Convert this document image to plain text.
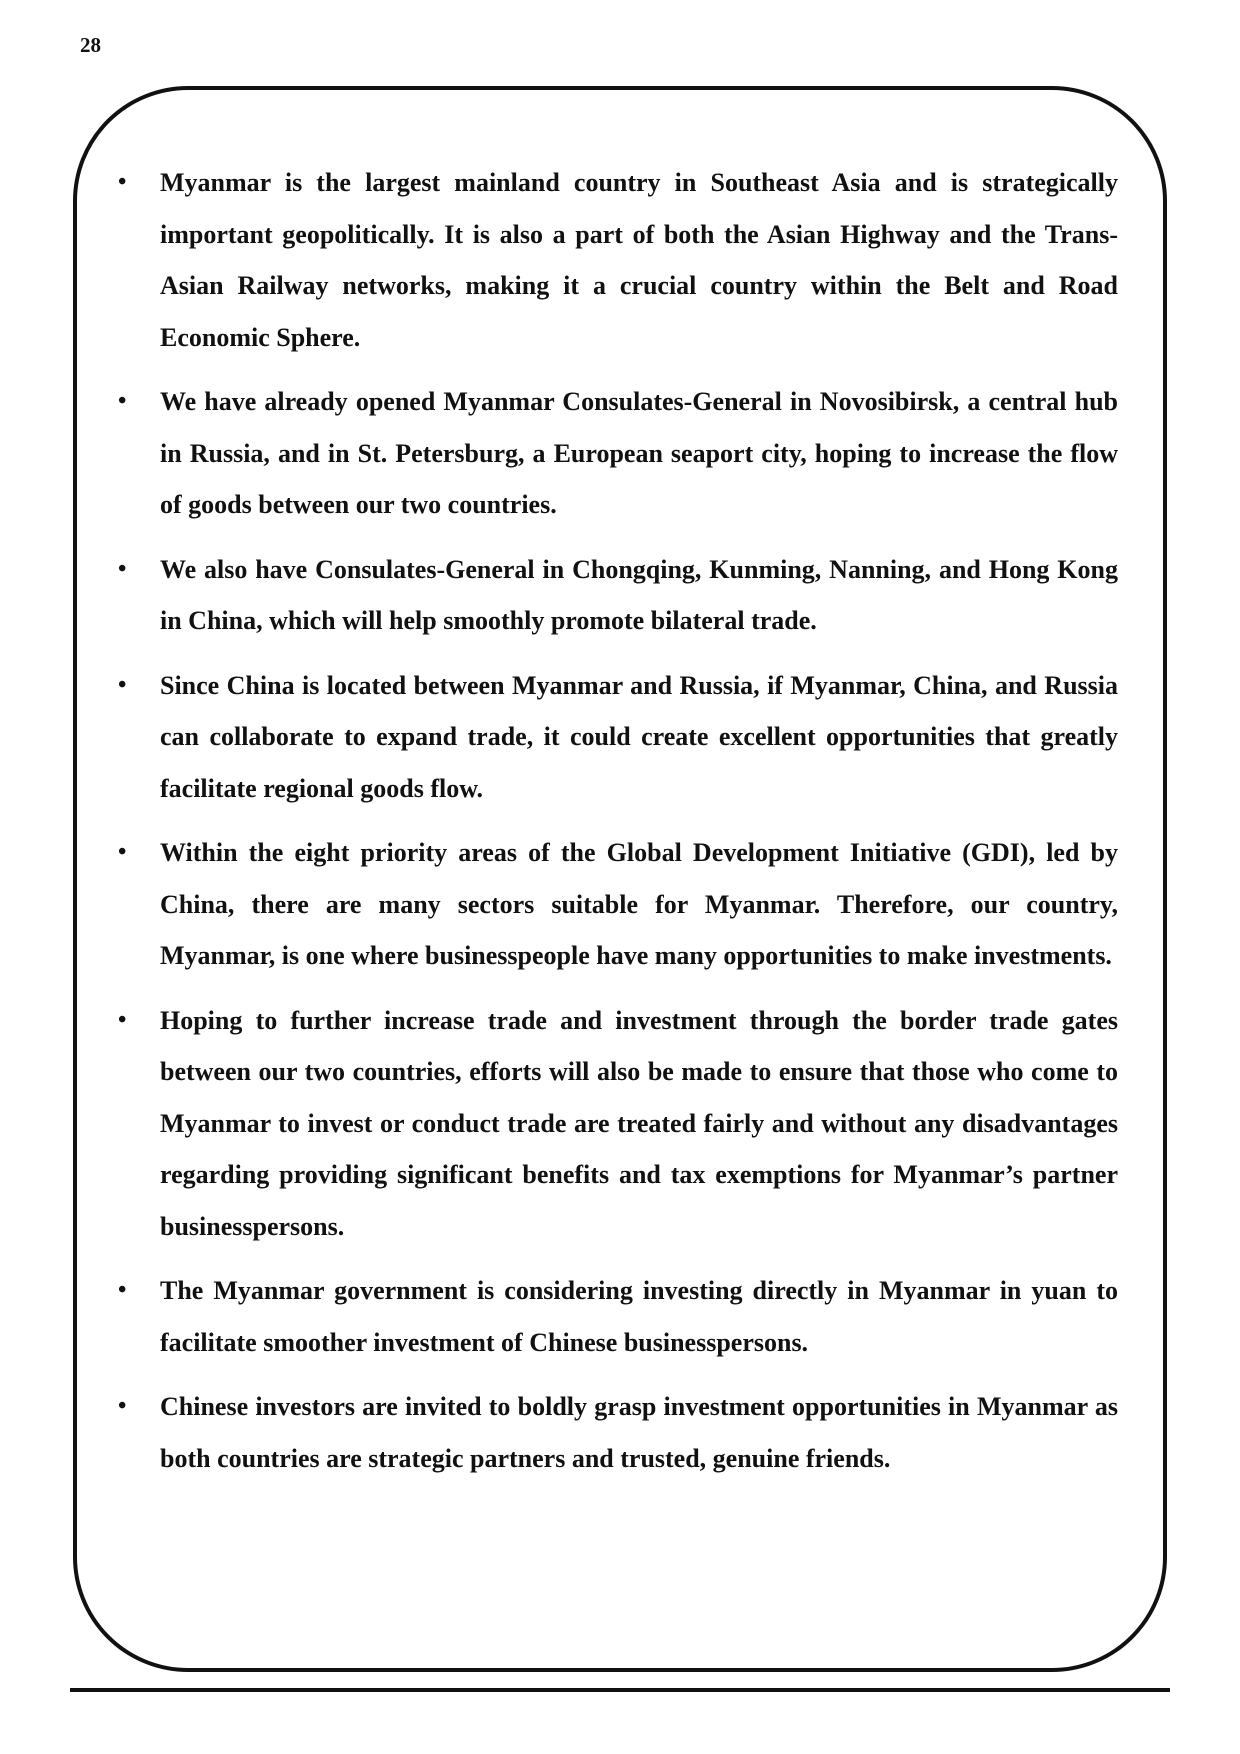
28
•	Myanmar is the largest mainland country in Southeast Asia and is strategically important geopolitically. It is also a part of both the Asian Highway and the Trans-Asian Railway networks, making it a crucial country within the Belt and Road Economic Sphere.
•	We have already opened Myanmar Consulates-General in Novosibirsk, a central hub in Russia, and in St. Petersburg, a European seaport city, hoping to increase the flow of goods between our two countries.
•	We also have Consulates-General in Chongqing, Kunming, Nanning, and Hong Kong in China, which will help smoothly promote bilateral trade.
•	Since China is located between Myanmar and Russia, if Myanmar, China, and Russia can collaborate to expand trade, it could create excellent opportunities that greatly facilitate regional goods flow.
•	Within the eight priority areas of the Global Development Initiative (GDI), led by China, there are many sectors suitable for Myanmar. Therefore, our country, Myanmar, is one where businesspeople have many opportunities to make investments.
•	Hoping to further increase trade and investment through the border trade gates between our two countries, efforts will also be made to ensure that those who come to Myanmar to invest or conduct trade are treated fairly and without any disadvantages regarding providing significant benefits and tax exemptions for Myanmar’s partner businesspersons.
•	The Myanmar government is considering investing directly in Myanmar in yuan to facilitate smoother investment of Chinese businesspersons.
•	Chinese investors are invited to boldly grasp investment opportunities in Myanmar as both countries are strategic partners and trusted, genuine friends.
